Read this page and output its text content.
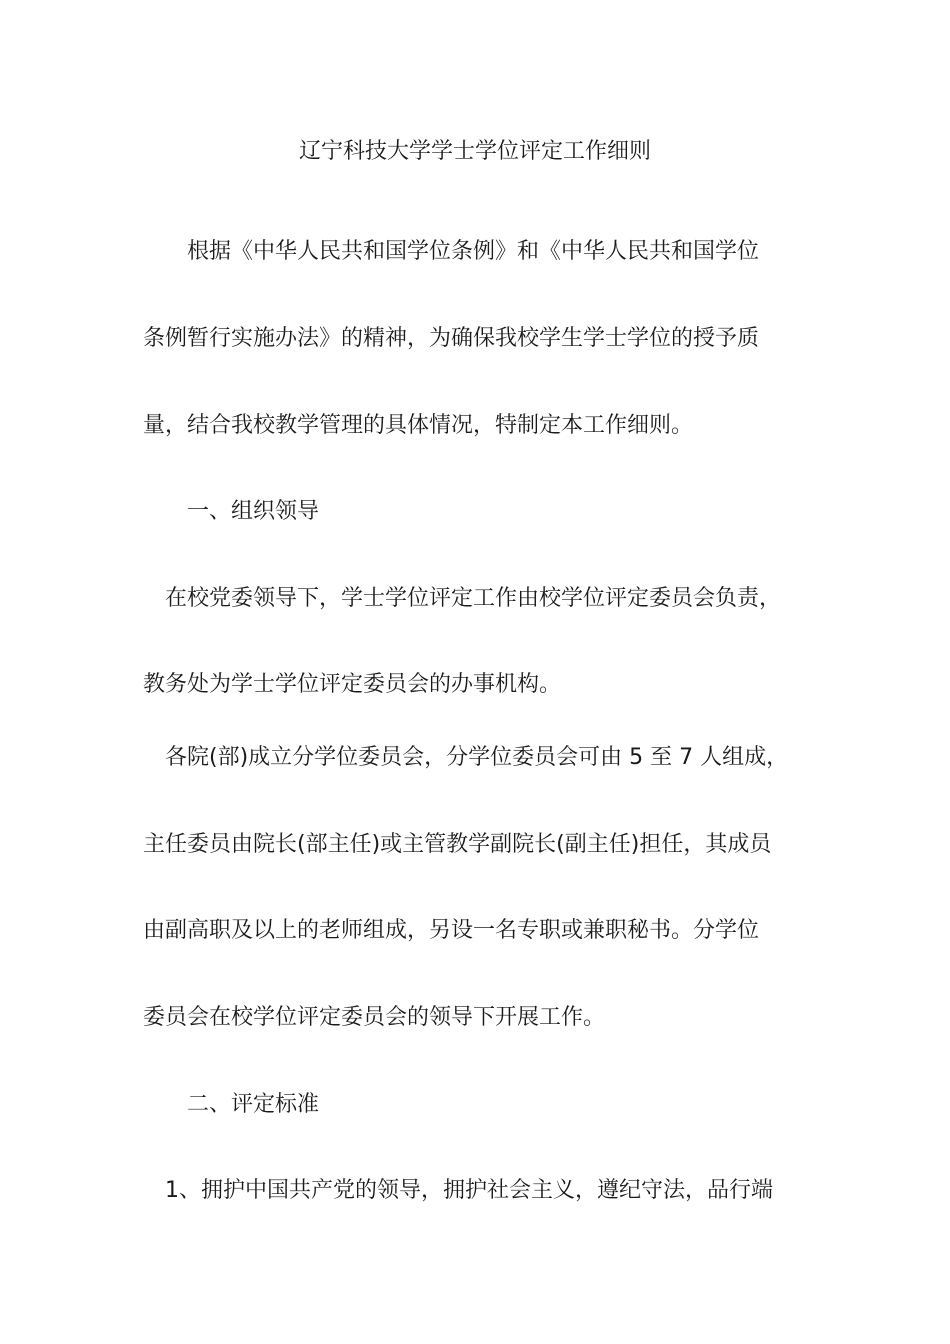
辽宁科技大学学士学位评定工作细则
　　根据《中华人民共和国学位条例》和《中华人民共和国学位
条例暂行实施办法》的精神，为确保我校学生学士学位的授予质
量，结合我校教学管理的具体情况，特制定本工作细则。
　　一、组织领导
　在校党委领导下，学士学位评定工作由校学位评定委员会负责，
教务处为学士学位评定委员会的办事机构。
　各院(部)成立分学位委员会，分学位委员会可由 5 至 7 人组成，
主任委员由院长(部主任)或主管教学副院长(副主任)担任，其成员
由副高职及以上的老师组成，另设一名专职或兼职秘书。分学位
委员会在校学位评定委员会的领导下开展工作。
　　二、评定标准
　1、拥护中国共产党的领导，拥护社会主义，遵纪守法，品行端
